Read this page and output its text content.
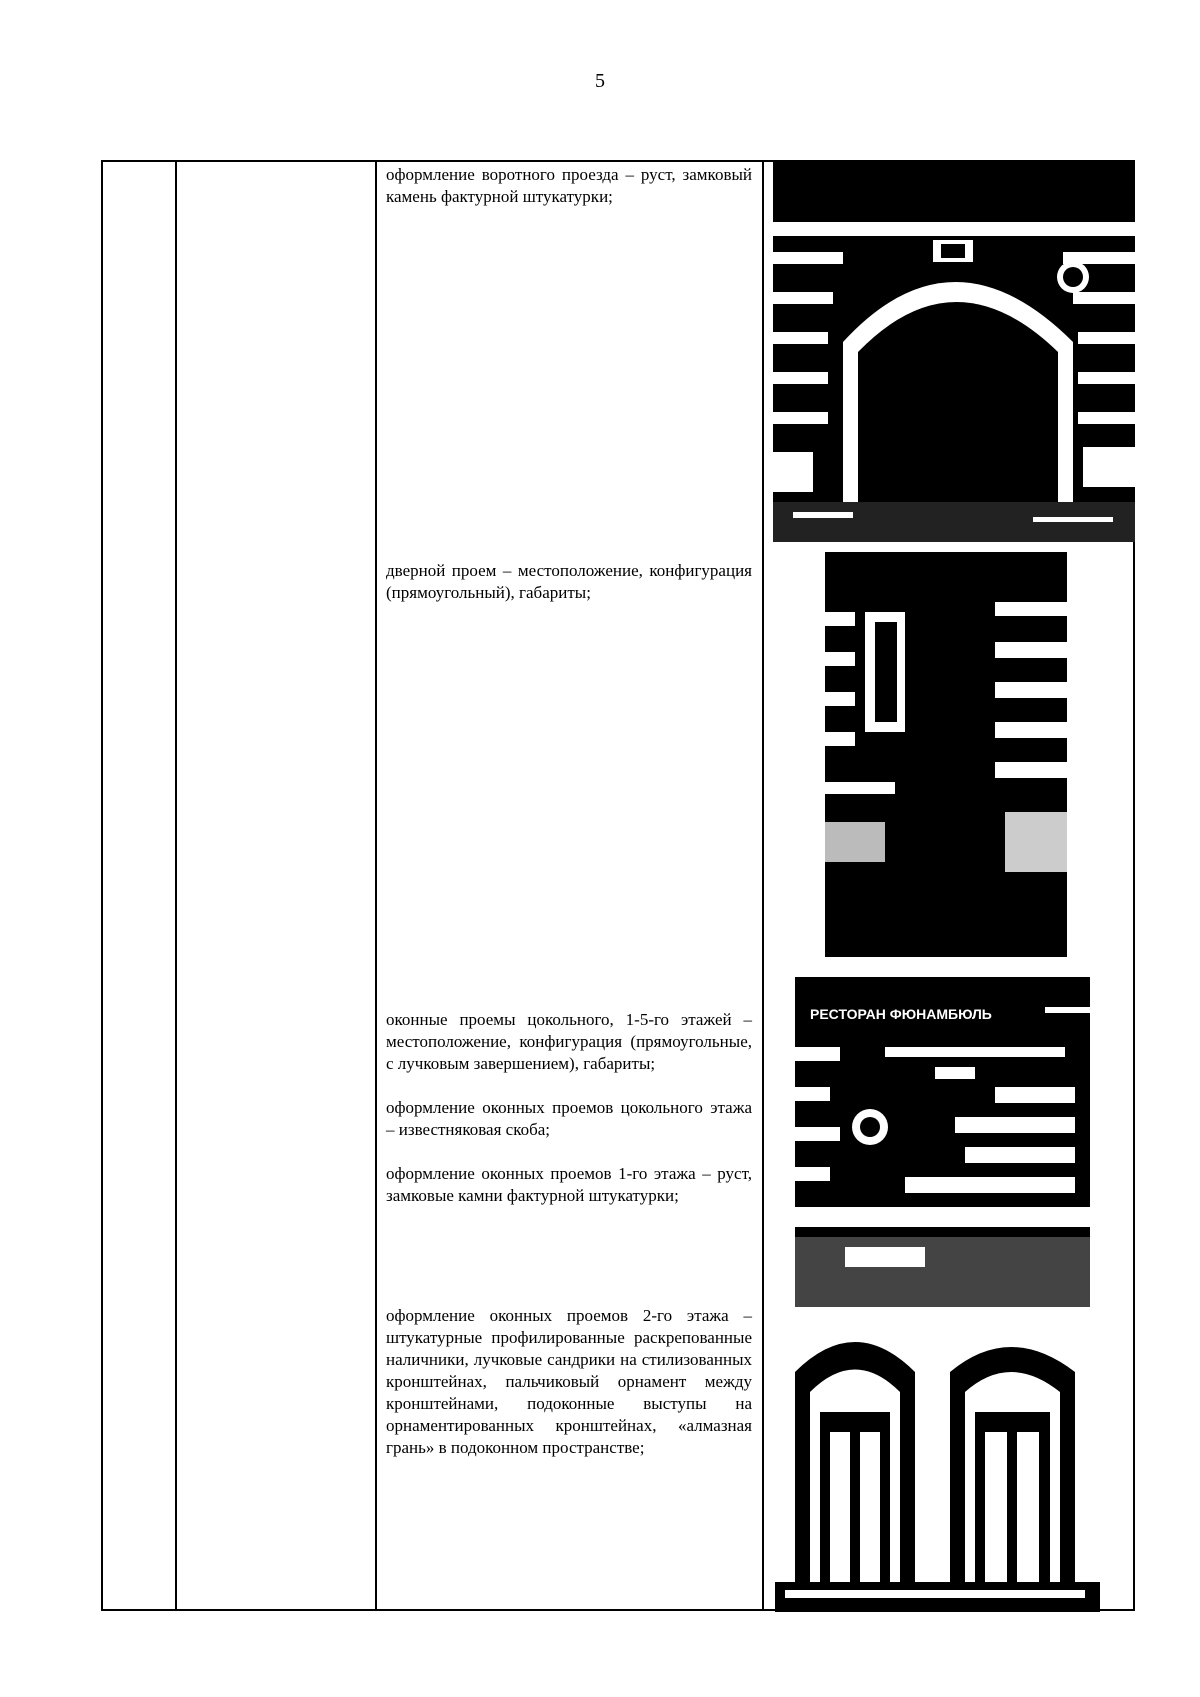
5

оформление воротного проезда – руст, замковый камень фактурной штукатурки;

дверной проем – местоположение, конфигурация (прямоугольный), габариты;

оконные проемы цокольного, 1-5-го этажей – местоположение, конфигурация (прямоугольные, с лучковым завершением), габариты;

оформление оконных проемов цокольного этажа – известняковая скоба;

оформление оконных проемов 1-го этажа – руст, замковые камни фактурной штукатурки;

оформление оконных проемов 2-го этажа – штукатурные профилированные раскрепованные наличники, лучковые сандрики на стилизованных кронштейнах, пальчиковый орнамент между кронштейнами, подоконные выступы на орнаментированных кронштейнах, «алмазная грань» в подоконном пространстве;

РЕСТОРАН ФЮНАМБЮЛЬ
